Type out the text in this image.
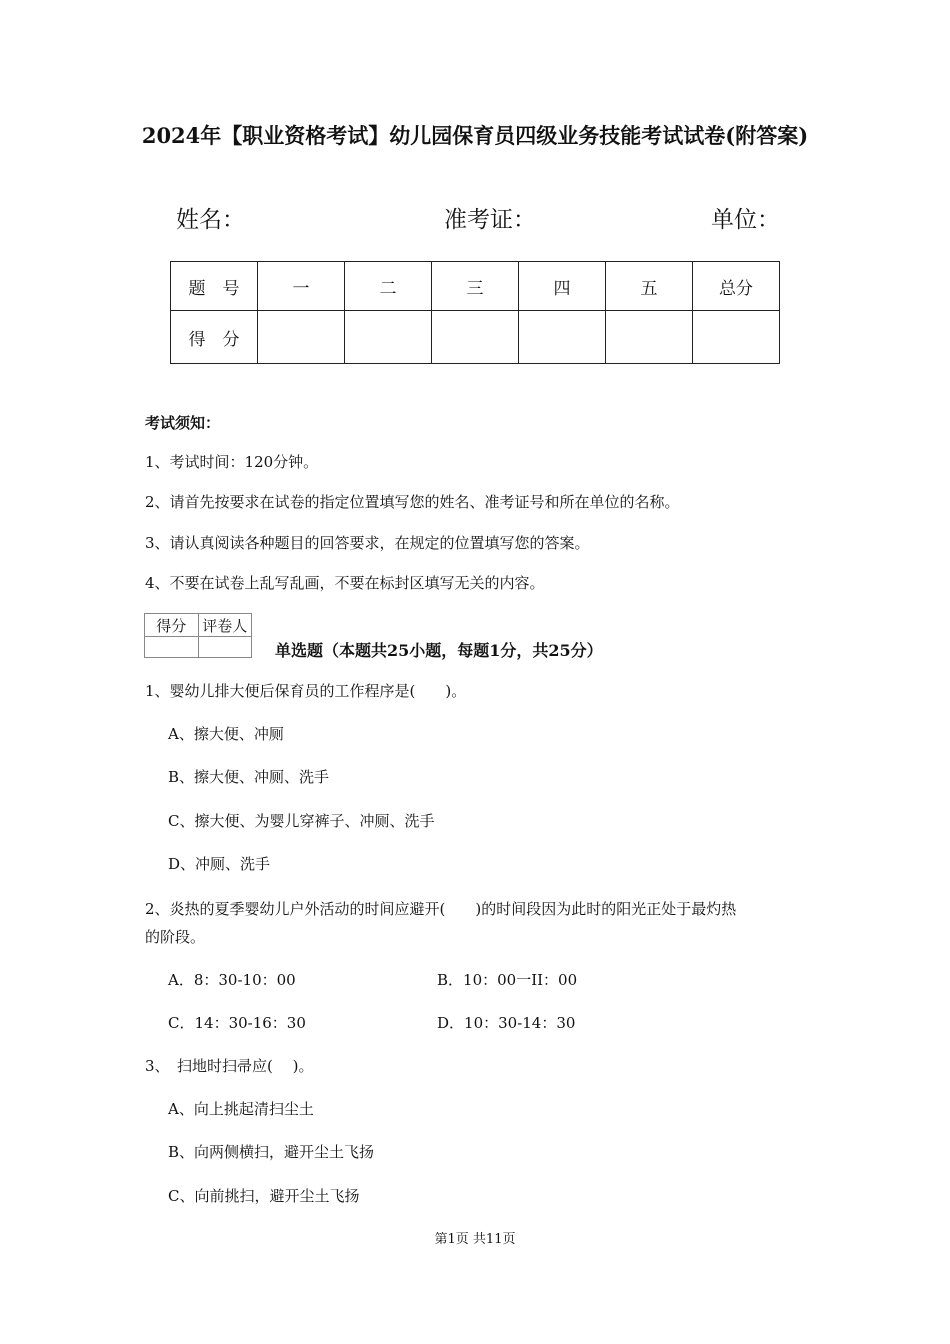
2024年【职业资格考试】幼儿园保育员四级业务技能考试试卷(附答案)
姓名：	准考证：	单位：
题　号	一	二	三	四	五	总分
得　分						
考试须知：
1、考试时间：120分钟。
2、请首先按要求在试卷的指定位置填写您的姓名、准考证号和所在单位的名称。
3、请认真阅读各种题目的回答要求，在规定的位置填写您的答案。
4、不要在试卷上乱写乱画，不要在标封区填写无关的内容。
得分	评卷人

单选题（本题共25小题，每题1分，共25分）
1、婴幼儿排大便后保育员的工作程序是(　　)。
A、擦大便、冲厕
B、擦大便、冲厕、洗手
C、擦大便、为婴儿穿裤子、冲厕、洗手
D、冲厕、洗手
2、炎热的夏季婴幼儿户外活动的时间应避开(　　)的时间段因为此时的阳光正处于最灼热
的阶段。
A．8：30-10：00	B．10：00一II：00
C．14：30-16：30	D．10：30-14：30
3、　扫地时扫帚应(　 )。
A、向上挑起清扫尘土
B、向两侧横扫，避开尘土飞扬
C、向前挑扫，避开尘土飞扬
第1页 共11页
